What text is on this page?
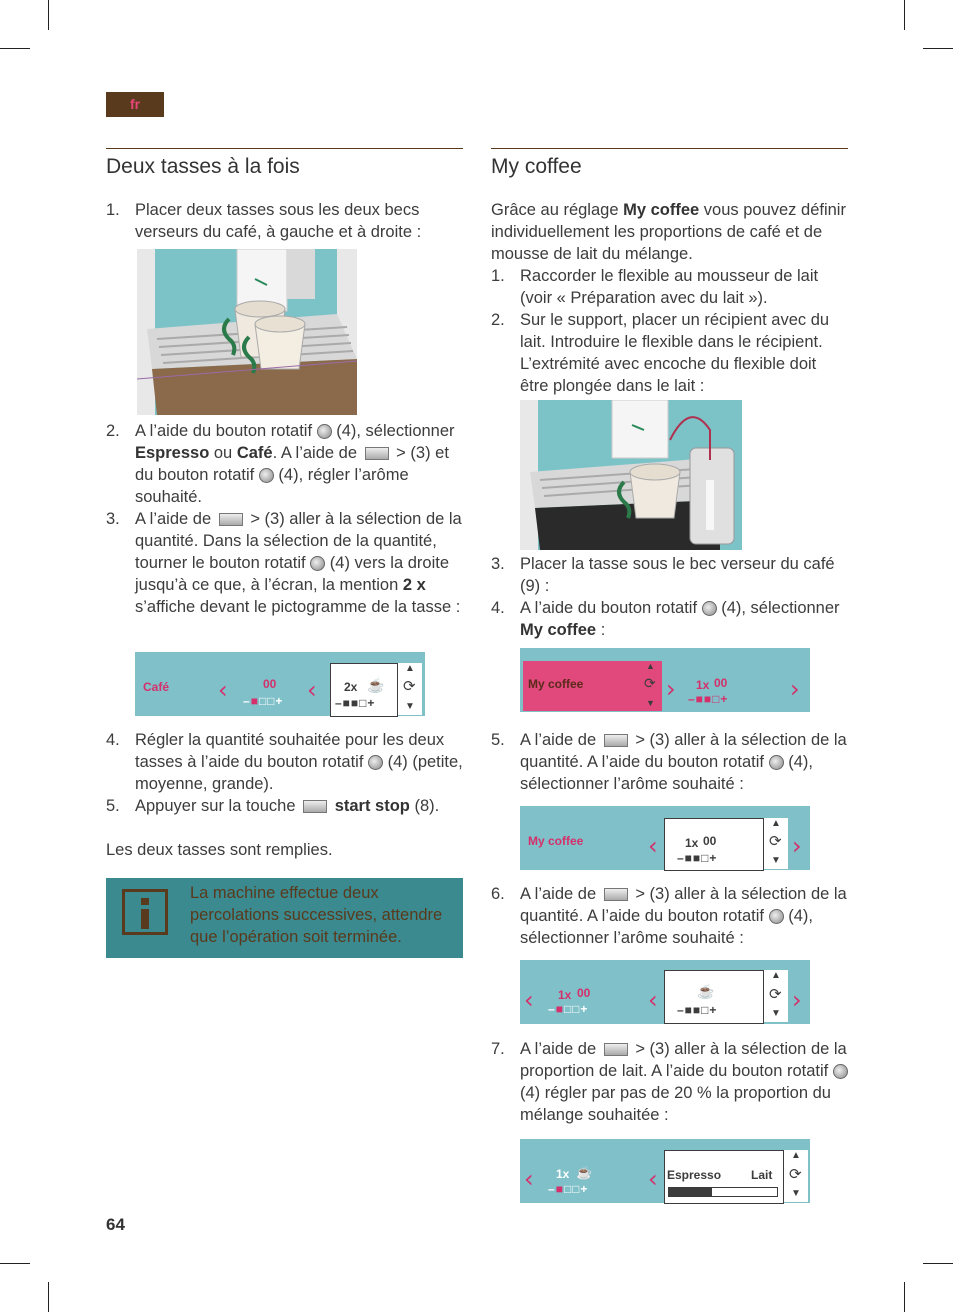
fr
Deux tasses à la fois
1. Placer deux tasses sous les deux becs verseurs du café, à gauche et à droite :
2. A l’aide du bouton rotatif  (4), sélectionner Espresso ou Café. A l’aide de  > (3) et du bouton rotatif  (4), régler l’arôme souhaité.
3. A l’aide de  > (3) aller à la sélection de la quantité. Dans la sélection de la quantité, tourner le bouton rotatif  (4) vers la droite jusqu’à ce que, à l’écran, la mention 2 x s’affiche devant le pictogramme de la tasse :
Café ‹	00
–■□□+ ‹ 2x ☕
–■■□+
▲
⟳
▼
4. Régler la quantité souhaitée pour les deux tasses à l’aide du bouton rotatif  (4) (petite, moyenne, grande).
5. Appuyer sur la touche  start stop (8).
Les deux tasses sont remplies.
La machine effectue deux percolations successives, attendre que l’opération soit terminée.
My coffee
Grâce au réglage My coffee vous pouvez définir individuellement les proportions de café et de mousse de lait du mélange.
1. Raccorder le flexible au mousseur de lait (voir « Préparation avec du lait »).
2. Sur le support, placer un récipient avec du lait. Introduire le flexible dans le récipient. L’extrémité avec encoche du flexible doit être plongée dans le lait :
3. Placer la tasse sous le bec verseur du café (9) :
4. A l’aide du bouton rotatif  (4), sélectionner My coffee :
My coffee
▲
⟳
▼ › 1x 00
–■■□+	›
5. A l’aide de  > (3) aller à la sélection de la quantité. A l’aide du bouton rotatif  (4), sélectionner l’arôme souhaité :
My coffee	‹ 1x 00
–■■□+
▲
⟳
▼
›
6. A l’aide de  > (3) aller à la sélection de la quantité. A l’aide du bouton rotatif  (4), sélectionner l’arôme souhaité :
‹ 1x 00
–■□□+ ‹	☕
–■■□+
▲
⟳
▼ ›
7. A l’aide de  > (3) aller à la sélection de la proportion de lait. A l’aide du bouton rotatif  (4) régler par pas de 20 % la proportion du mélange souhaitée :
‹ 1x ☕
–■□□+ ‹ Espresso Lait
▲
⟳
▼
64
